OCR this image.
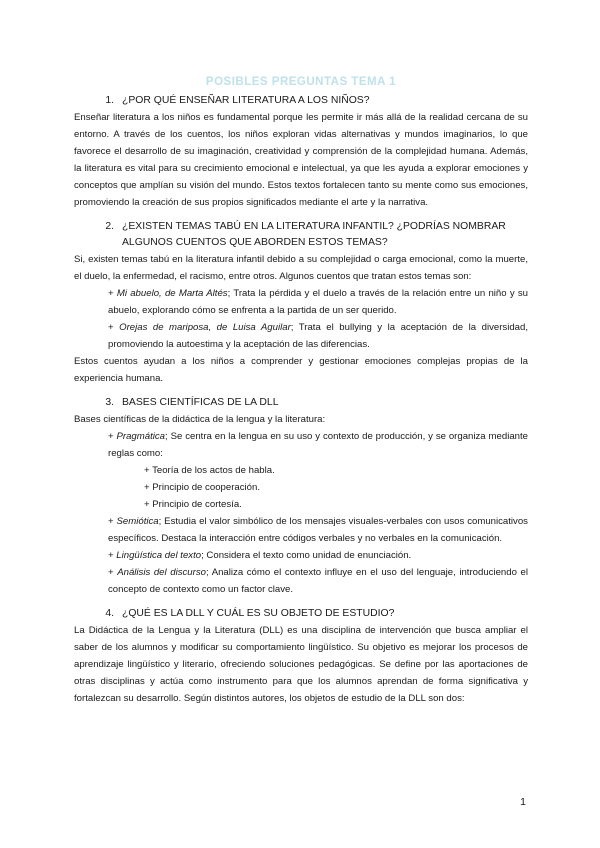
POSIBLES PREGUNTAS TEMA 1
1. ¿POR QUÉ ENSEÑAR LITERATURA A LOS NIÑOS?

Enseñar literatura a los niños es fundamental porque les permite ir más allá de la realidad cercana de su entorno. A través de los cuentos, los niños exploran vidas alternativas y mundos imaginarios, lo que favorece el desarrollo de su imaginación, creatividad y comprensión de la complejidad humana. Además, la literatura es vital para su crecimiento emocional e intelectual, ya que les ayuda a explorar emociones y conceptos que amplían su visión del mundo. Estos textos fortalecen tanto su mente como sus emociones, promoviendo la creación de sus propios significados mediante el arte y la narrativa.

2. ¿EXISTEN TEMAS TABÚ EN LA LITERATURA INFANTIL? ¿PODRÍAS NOMBRAR ALGUNOS CUENTOS QUE ABORDEN ESTOS TEMAS?

Si, existen temas tabú en la literatura infantil debido a su complejidad o carga emocional, como la muerte, el duelo, la enfermedad, el racismo, entre otros. Algunos cuentos que tratan estos temas son:

+ Mi abuelo, de Marta Altés; Trata la pérdida y el duelo a través de la relación entre un niño y su abuelo, explorando cómo se enfrenta a la partida de un ser querido.

+ Orejas de mariposa, de Luisa Aguilar; Trata el bullying y la aceptación de la diversidad, promoviendo la autoestima y la aceptación de las diferencias.

Estos cuentos ayudan a los niños a comprender y gestionar emociones complejas propias de la experiencia humana.

3. BASES CIENTÍFICAS DE LA DLL

Bases científicas de la didáctica de la lengua y la literatura:

+ Pragmática; Se centra en la lengua en su uso y contexto de producción, y se organiza mediante reglas como:

+ Teoría de los actos de habla.

+ Principio de cooperación.

+ Principio de cortesía.

+ Semiótica; Estudia el valor simbólico de los mensajes visuales-verbales con usos comunicativos específicos. Destaca la interacción entre códigos verbales y no verbales en la comunicación.

+ Lingüística del texto; Considera el texto como unidad de enunciación.

+ Análisis del discurso; Analiza cómo el contexto influye en el uso del lenguaje, introduciendo el concepto de contexto como un factor clave.

4. ¿QUÉ ES LA DLL Y CUÁL ES SU OBJETO DE ESTUDIO?

La Didáctica de la Lengua y la Literatura (DLL) es una disciplina de intervención que busca ampliar el saber de los alumnos y modificar su comportamiento lingüístico. Su objetivo es mejorar los procesos de aprendizaje lingüístico y literario, ofreciendo soluciones pedagógicas. Se define por las aportaciones de otras disciplinas y actúa como instrumento para que los alumnos aprendan de forma significativa y fortalezcan su desarrollo. Según distintos autores, los objetos de estudio de la DLL son dos:

1
